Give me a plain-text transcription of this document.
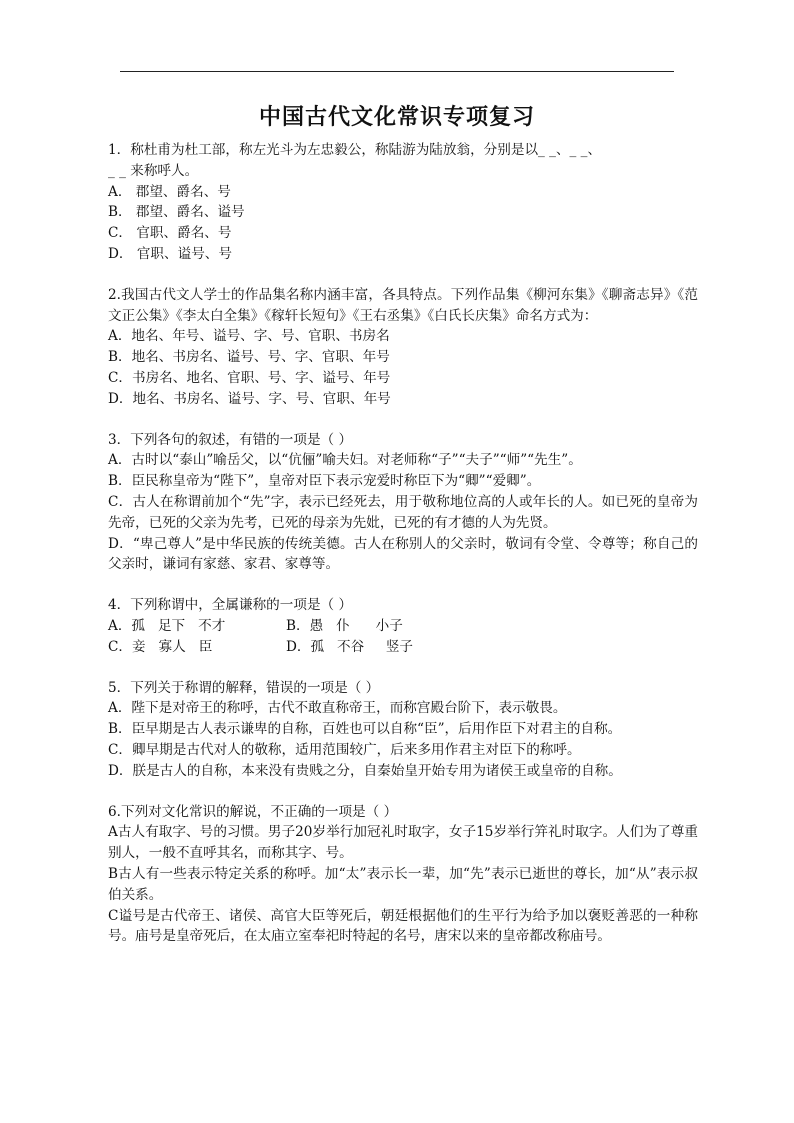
中国古代文化常识专项复习

1．称杜甫为杜工部，称左光斗为左忠毅公，称陆游为陆放翁，分别是以_ _、_ _、

_ _ 来称呼人。

A． 郡望、爵名、号

B． 郡望、爵名、谥号

C． 官职、爵名、号

D． 官职、谥号、号

2.我国古代文人学士的作品集名称内涵丰富，各具特点。下列作品集《柳河东集》《聊斋志异》《范文正公集》《李太白全集》《稼轩长短句》《王右丞集》《白氏长庆集》命名方式为：

A．地名、年号、谥号、字、号、官职、书房名

B．地名、书房名、谥号、号、字、官职、年号

C．书房名、地名、官职、号、字、谥号、年号

D．地名、书房名、谥号、字、号、官职、年号

3．下列各句的叙述，有错的一项是（ ）

A．古时以“泰山”喻岳父，以“伉俪”喻夫妇。对老师称“子”“夫子”“师”“先生”。

B．臣民称皇帝为“陛下”，皇帝对臣下表示宠爱时称臣下为“卿”“爱卿”。

C．古人在称谓前加个“先”字，表示已经死去，用于敬称地位高的人或年长的人。如已死的皇帝为先帝，已死的父亲为先考，已死的母亲为先妣，已死的有才德的人为先贤。

D．“卑己尊人”是中华民族的传统美德。古人在称别人的父亲时，敬词有令堂、令尊等；称自己的父亲时，谦词有家慈、家君、家尊等。

4．下列称谓中，全属谦称的一项是（ ）

A．孤   足下   不才	B．愚   仆      小子
C．妾   寡人   臣	D．孤   不谷     竖子

5．下列关于称谓的解释，错误的一项是（ ）

A．陛下是对帝王的称呼，古代不敢直称帝王，而称宫殿台阶下，表示敬畏。

B．臣早期是古人表示谦卑的自称，百姓也可以自称“臣”，后用作臣下对君主的自称。

C．卿早期是古代对人的敬称，适用范围较广，后来多用作君主对臣下的称呼。

D．朕是古人的自称，本来没有贵贱之分，自秦始皇开始专用为诸侯王或皇帝的自称。

6.下列对文化常识的解说，不正确的一项是（ ）

A古人有取字、号的习惯。男子20岁举行加冠礼时取字，女子15岁举行笄礼时取字。人们为了尊重别人，一般不直呼其名，而称其字、号。

B古人有一些表示特定关系的称呼。加“太”表示长一辈，加“先”表示已逝世的尊长，加“从”表示叔伯关系。

C谥号是古代帝王、诸侯、高官大臣等死后，朝廷根据他们的生平行为给予加以褒贬善恶的一种称号。庙号是皇帝死后，在太庙立室奉祀时特起的名号，唐宋以来的皇帝都改称庙号。
